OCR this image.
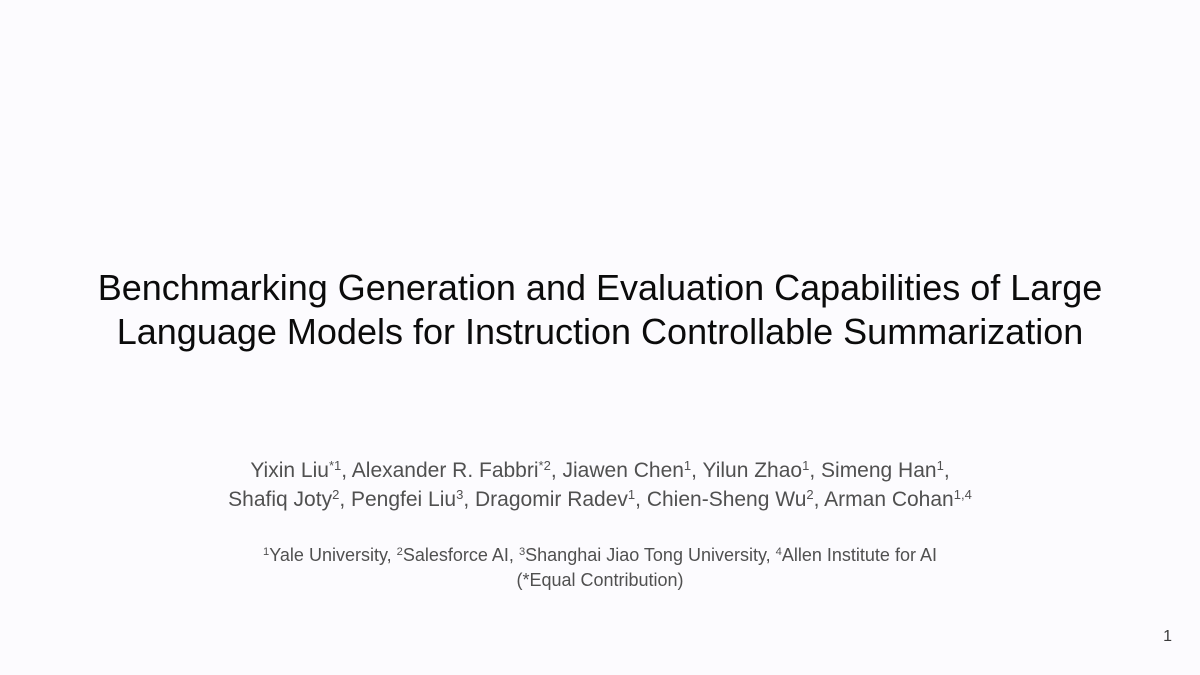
Benchmarking Generation and Evaluation Capabilities of Large
Language Models for Instruction Controllable Summarization
Yixin Liu$^{*1}$, Alexander R. Fabbri$^{*2}$, Jiawen Chen$^1$, Yilun Zhao$^1$, Simeng Han$^1$,
Shafiq Joty$^2$, Pengfei Liu$^3$, Dragomir Radev$^1$, Chien-Sheng Wu$^2$, Arman Cohan$^{1,4}$
$^1$Yale University, $^2$Salesforce AI, $^3$Shanghai Jiao Tong University, $^4$Allen Institute for AI
(*Equal Contribution)
1
